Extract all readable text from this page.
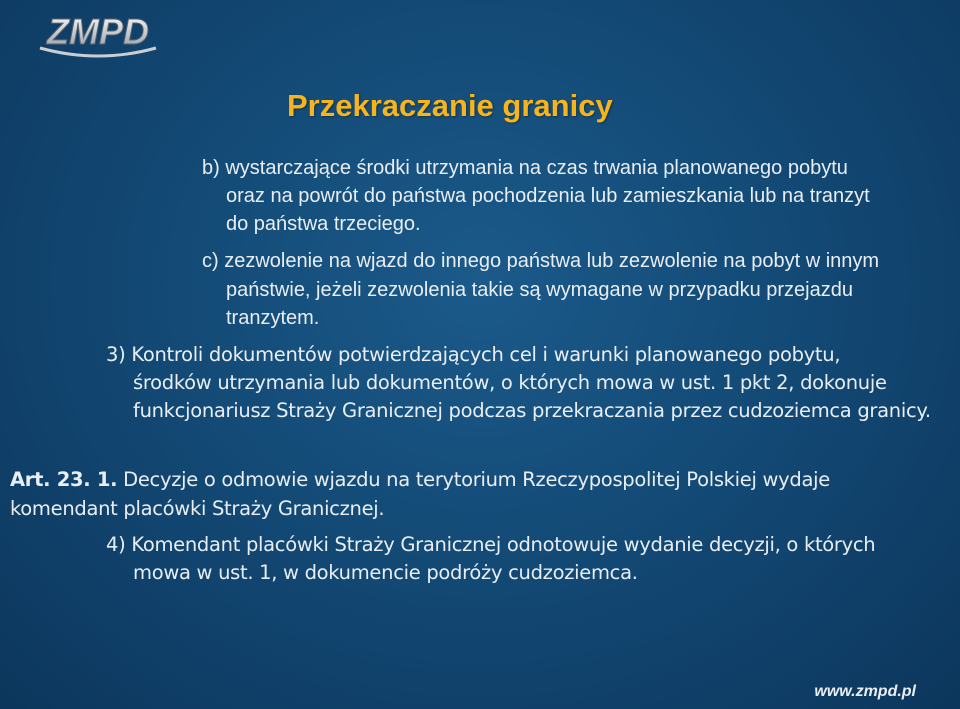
ZMPD
Przekraczanie granicy
b) wystarczające środki utrzymania na czas trwania planowanego pobytu
oraz na powrót do państwa pochodzenia lub zamieszkania lub na tranzyt
do państwa trzeciego.
c) zezwolenie na wjazd do innego państwa lub zezwolenie na pobyt w innym
państwie, jeżeli zezwolenia takie są wymagane w przypadku przejazdu
tranzytem.
3) Kontroli dokumentów potwierdzających cel i warunki planowanego pobytu,
środków utrzymania lub dokumentów, o których mowa w ust. 1 pkt 2, dokonuje
funkcjonariusz Straży Granicznej podczas przekraczania przez cudzoziemca granicy.
Art. 23. 1. Decyzje o odmowie wjazdu na terytorium Rzeczypospolitej Polskiej wydaje
komendant placówki Straży Granicznej.
4) Komendant placówki Straży Granicznej odnotowuje wydanie decyzji, o których
mowa w ust. 1, w dokumencie podróży cudzoziemca.
www.zmpd.pl
